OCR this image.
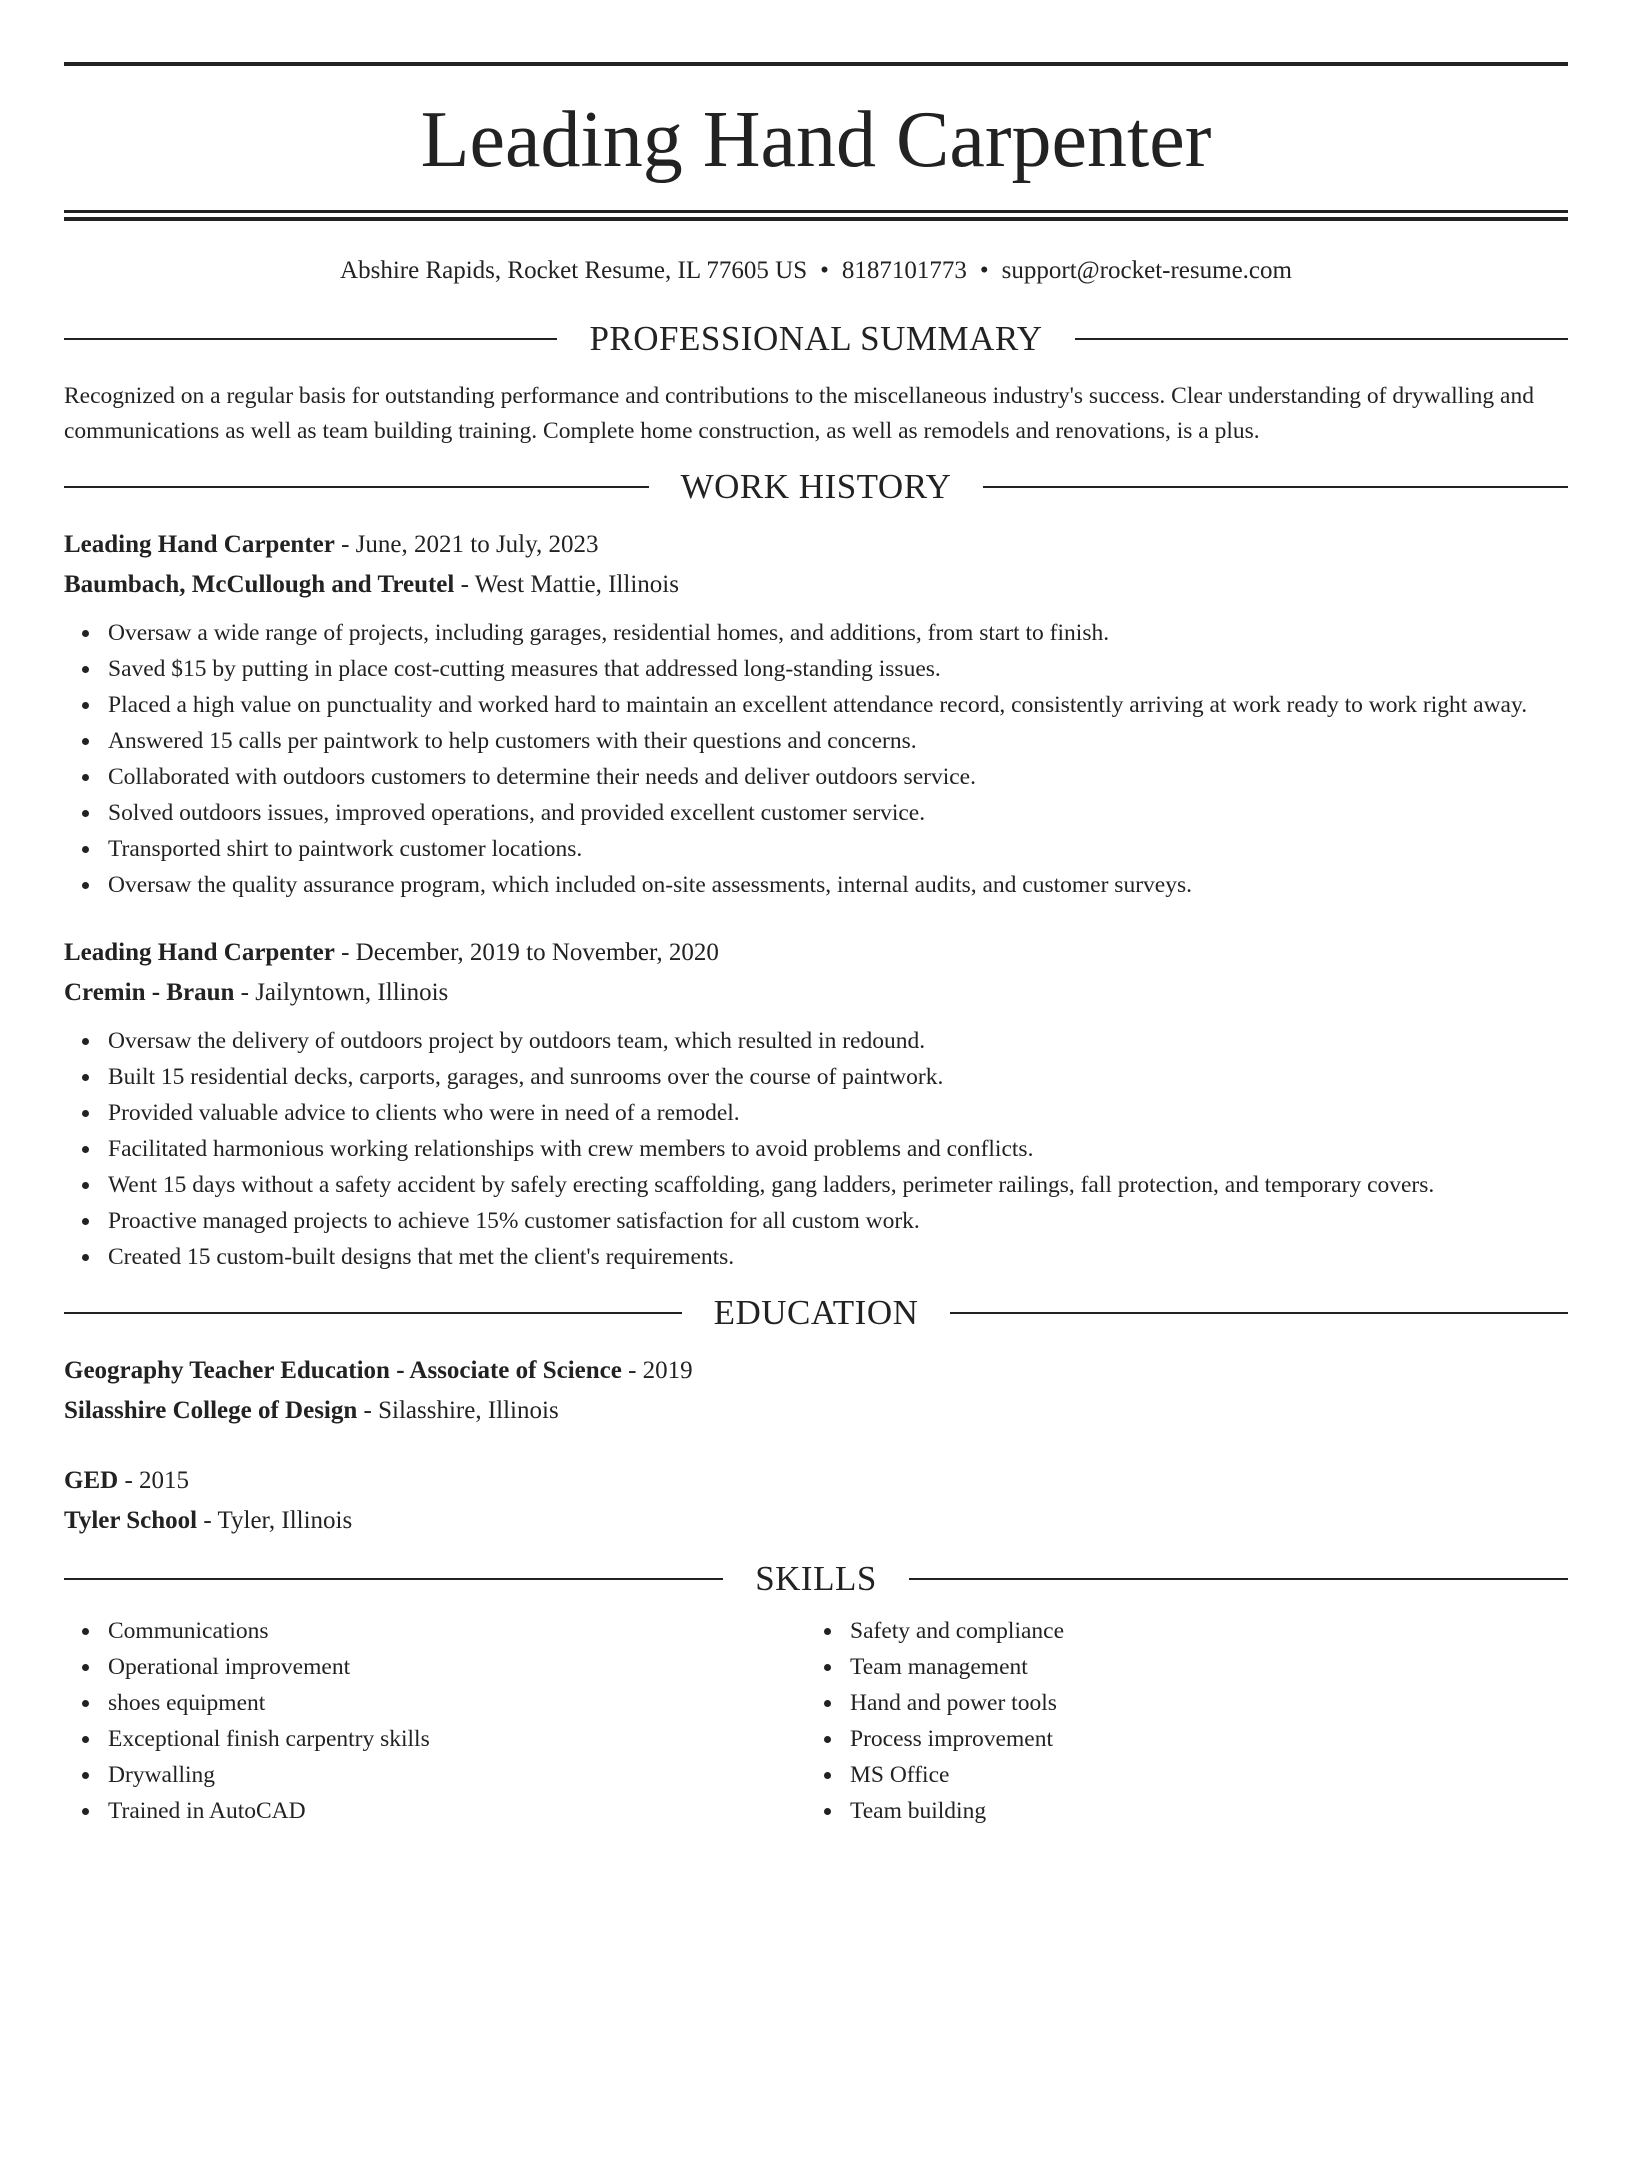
Leading Hand Carpenter
Abshire Rapids, Rocket Resume, IL 77605 US • 8187101773 • support@rocket-resume.com
PROFESSIONAL SUMMARY
Recognized on a regular basis for outstanding performance and contributions to the miscellaneous industry's success. Clear understanding of drywalling and communications as well as team building training. Complete home construction, as well as remodels and renovations, is a plus.
WORK HISTORY
Leading Hand Carpenter - June, 2021 to July, 2023
Baumbach, McCullough and Treutel - West Mattie, Illinois
Oversaw a wide range of projects, including garages, residential homes, and additions, from start to finish.
Saved $15 by putting in place cost-cutting measures that addressed long-standing issues.
Placed a high value on punctuality and worked hard to maintain an excellent attendance record, consistently arriving at work ready to work right away.
Answered 15 calls per paintwork to help customers with their questions and concerns.
Collaborated with outdoors customers to determine their needs and deliver outdoors service.
Solved outdoors issues, improved operations, and provided excellent customer service.
Transported shirt to paintwork customer locations.
Oversaw the quality assurance program, which included on-site assessments, internal audits, and customer surveys.
Leading Hand Carpenter - December, 2019 to November, 2020
Cremin - Braun - Jailyntown, Illinois
Oversaw the delivery of outdoors project by outdoors team, which resulted in redound.
Built 15 residential decks, carports, garages, and sunrooms over the course of paintwork.
Provided valuable advice to clients who were in need of a remodel.
Facilitated harmonious working relationships with crew members to avoid problems and conflicts.
Went 15 days without a safety accident by safely erecting scaffolding, gang ladders, perimeter railings, fall protection, and temporary covers.
Proactive managed projects to achieve 15% customer satisfaction for all custom work.
Created 15 custom-built designs that met the client's requirements.
EDUCATION
Geography Teacher Education - Associate of Science - 2019
Silasshire College of Design - Silasshire, Illinois
GED - 2015
Tyler School - Tyler, Illinois
SKILLS
Communications
Operational improvement
shoes equipment
Exceptional finish carpentry skills
Drywalling
Trained in AutoCAD
Safety and compliance
Team management
Hand and power tools
Process improvement
MS Office
Team building
